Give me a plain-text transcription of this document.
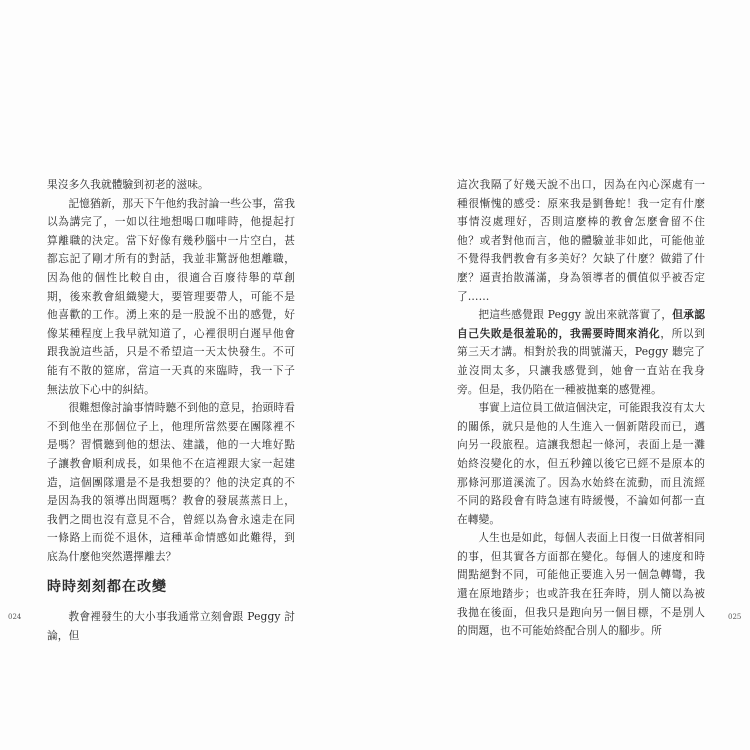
果沒多久我就體驗到初老的滋味。

記憶猶新，那天下午他約我討論一些公事，當我以為講完了，一如以往地想喝口咖啡時，他提起打算離職的決定。當下好像有幾秒腦中一片空白，甚都忘記了剛才所有的對話，我並非驚訝他想離職，因為他的個性比較自由，很適合百廢待舉的草創期，後來教會組織變大，要管理要帶人，可能不是他喜歡的工作。湧上來的是一股說不出的感覺，好像某種程度上我早就知道了，心裡很明白遲早他會跟我說這些話，只是不希望這一天太快發生。不可能有不散的筵席，當這一天真的來臨時，我一下子無法放下心中的糾結。

很難想像討論事情時聽不到他的意見，抬頭時看不到他坐在那個位子上，他理所當然要在團隊裡不是嗎？習慣聽到他的想法、建議，他的一大堆好點子讓教會順利成長，如果他不在這裡跟大家一起建造，這個團隊還是不是我想要的？他的決定真的不是因為我的領導出問題嗎？教會的發展蒸蒸日上，我們之間也沒有意見不合，曾經以為會永遠走在同一條路上而從不退休，這種革命情感如此難得，到底為什麼他突然選擇離去？

時時刻刻都在改變

教會裡發生的大小事我通常立刻會跟 Peggy 討論，但

這次我隔了好幾天說不出口，因為在內心深處有一種很慚愧的感受：原來我是劉鲁蛇！我一定有什麼事情沒處理好，否則這麼棒的教會怎麼會留不住他？或者對他而言，他的體驗並非如此，可能他並不覺得我們教會有多美好？欠缺了什麼？做錯了什麼？逼責抬散滿滿，身為領導者的價值似乎被否定了……

把這些感覺跟 Peggy 說出來就落實了，但承認自己失敗是很羞恥的，我需要時間來消化，所以到第三天才講。相對於我的問號滿天，Peggy 聽完了並沒問太多，只讓我感覺到，她會一直站在我身旁。但是，我仍陷在一種被拋棄的感覺裡。

事實上這位員工做這個決定，可能跟我沒有太大的關係，就只是他的人生進入一個新階段而已，邁向另一段旅程。這讓我想起一條河，表面上是一灘始終沒變化的水，但五秒鐘以後它已經不是原本的那條河那道溪流了。因為水始終在流動，而且流經不同的路段會有時急速有時緩慢，不論如何都一直在轉變。

人生也是如此，每個人表面上日復一日做著相同的事，但其實各方面都在變化。每個人的速度和時間點絕對不同，可能他正要進入另一個急轉彎，我還在原地踏步；也或許我在狂奔時，別人簡以為被我拋在後面，但我只是跑向另一個目標，不是別人的問題，也不可能始終配合別人的腳步。所

024	025
